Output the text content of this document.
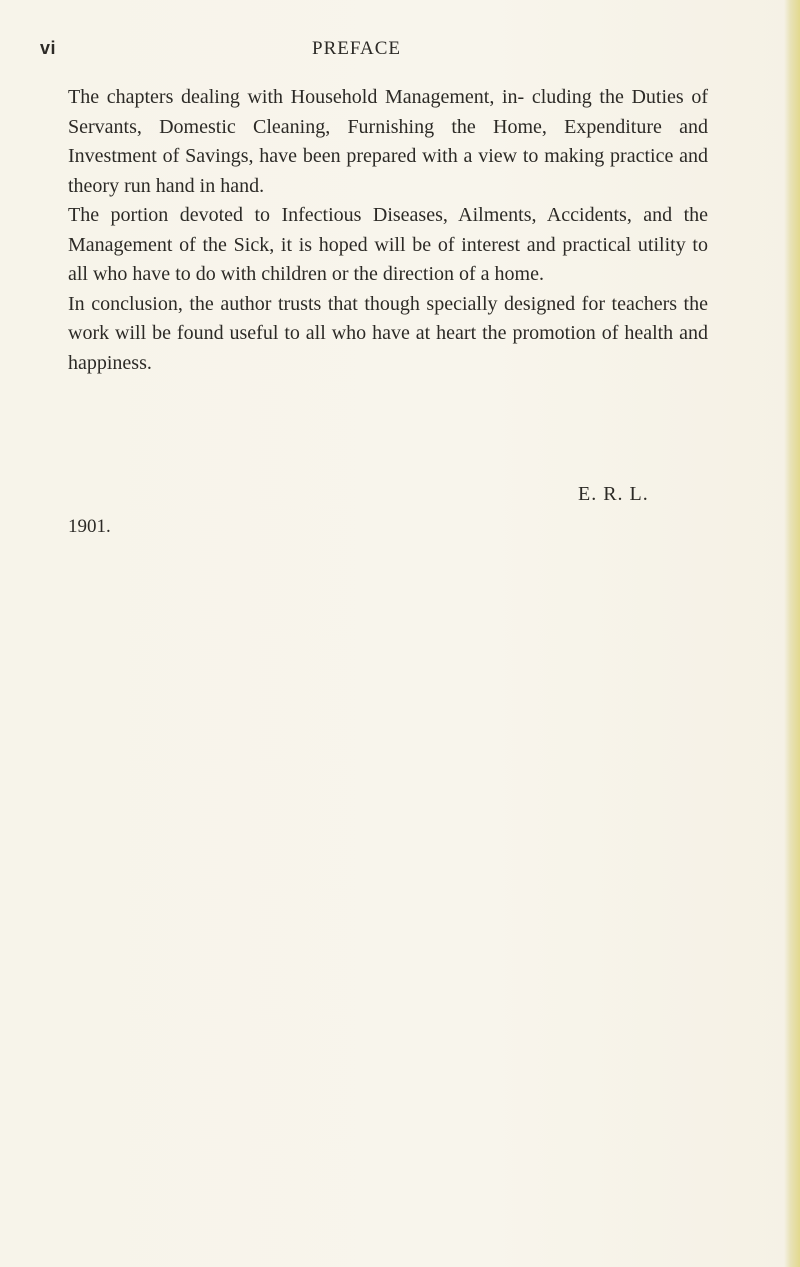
vi	PREFACE

The chapters dealing with Household Management, in- cluding the Duties of Servants, Domestic Cleaning, Furnishing the Home, Expenditure and Investment of Savings, have been prepared with a view to making practice and theory run hand in hand.

The portion devoted to Infectious Diseases, Ailments, Accidents, and the Management of the Sick, it is hoped will be of interest and practical utility to all who have to do with children or the direction of a home.

In conclusion, the author trusts that though specially designed for teachers the work will be found useful to all who have at heart the promotion of health and happiness.

E. R. L.
1901.
